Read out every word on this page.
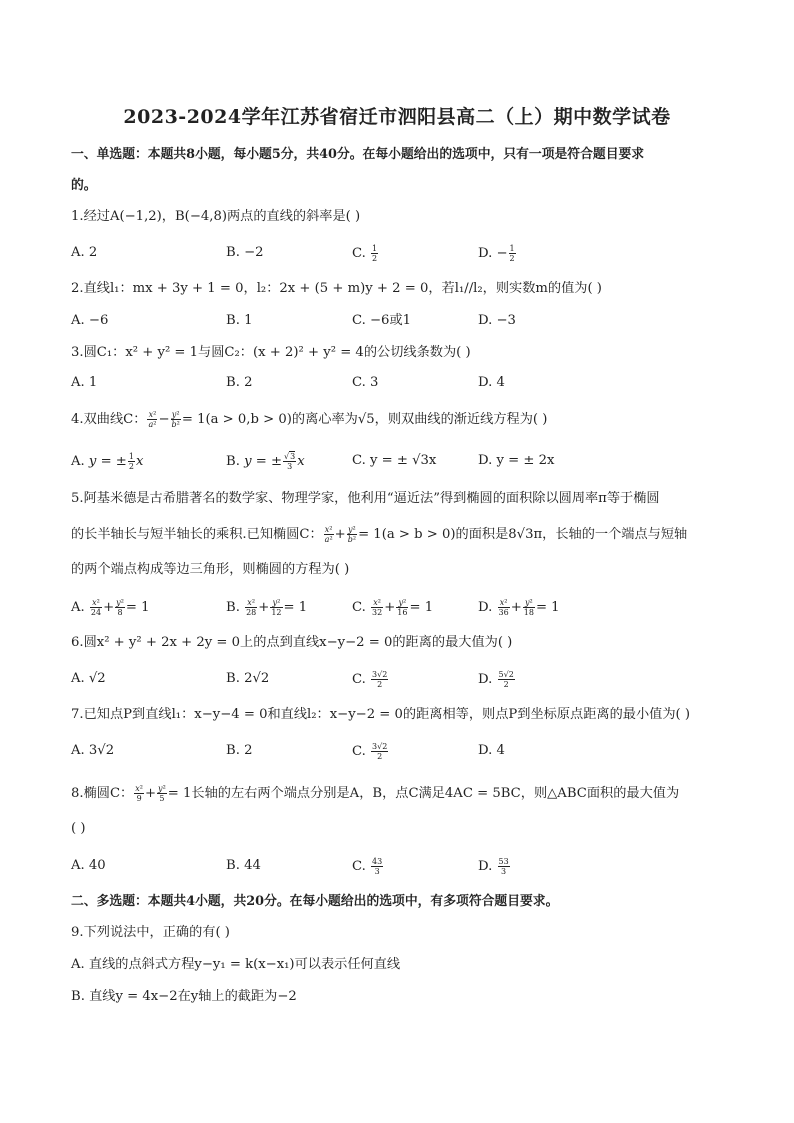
2023-2024学年江苏省宿迁市泗阳县高二（上）期中数学试卷
一、单选题：本题共8小题，每小题5分，共40分。在每小题给出的选项中，只有一项是符合题目要求
的。
1.经过A(−1,2)，B(−4,8)两点的直线的斜率是( )
A. 2	B. −2	C. $\frac{1}{2}$	D. − $\frac{1}{2}$
2.直线l₁：mx + 3y + 1 = 0，l₂：2x + (5 + m)y + 2 = 0，若l₁//l₂，则实数m的值为( )
A. −6	B. 1	C. −6或1	D. −3
3.圆C₁：x² + y² = 1与圆C₂：(x + 2)² + y² = 4的公切线条数为( )
A. 1	B. 2	C. 3	D. 4
4.双曲线C： $\frac{\text{x²}}{\text{a²}} - \frac{\text{y²}}{\text{b²}} = 1(a > 0,b > 0)$的离心率为√5，则双曲线的渐近线方程为( )
A. y = ± $\frac{1}{2}$ x	B. y = ± $\frac{√3}{3}$ x	C. y = ± √3x	D. y = ± 2x
5.阿基米德是古希腊著名的数学家、物理学家，他利用“逼近法”得到椭圆的面积除以圆周率π等于椭圆
的长半轴长与短半轴长的乘积.已知椭圆C： $\frac{\text{x²}}{\text{a²}} + \frac{\text{y²}}{\text{b²}} = 1(a > b > 0)$的面积是8√3π，长轴的一个端点与短轴
的两个端点构成等边三角形，则椭圆的方程为( )
A. $\frac{\text{x²}}{24} + \frac{\text{y²}}{8} = 1$	B. $\frac{\text{x²}}{28} + \frac{\text{y²}}{12} = 1$	C. $\frac{\text{x²}}{32} + \frac{\text{y²}}{16} = 1$	D. $\frac{\text{x²}}{36} + \frac{\text{y²}}{18} = 1$
6.圆x² + y² + 2x + 2y = 0上的点到直线x−y−2 = 0的距离的最大值为( )
A. √2	B. 2√2	C. $\frac{3√2}{2}$	D. $\frac{5√2}{2}$
7.已知点P到直线l₁：x−y−4 = 0和直线l₂：x−y−2 = 0的距离相等，则点P到坐标原点距离的最小值为( )
A. 3√2	B. 2	C. $\frac{3√2}{2}$	D. 4
8.椭圆C： $\frac{\text{x²}}{9} + \frac{\text{y²}}{5} = 1$长轴的左右两个端点分别是A，B，点C满足4AC = 5BC，则△ABC面积的最大值为
( )
A. 40	B. 44	C. $\frac{43}{3}$	D. $\frac{53}{3}$
二、多选题：本题共4小题，共20分。在每小题给出的选项中，有多项符合题目要求。
9.下列说法中，正确的有( )
A. 直线的点斜式方程y−y₁ = k(x−x₁)可以表示任何直线
B. 直线y = 4x−2在y轴上的截距为−2
